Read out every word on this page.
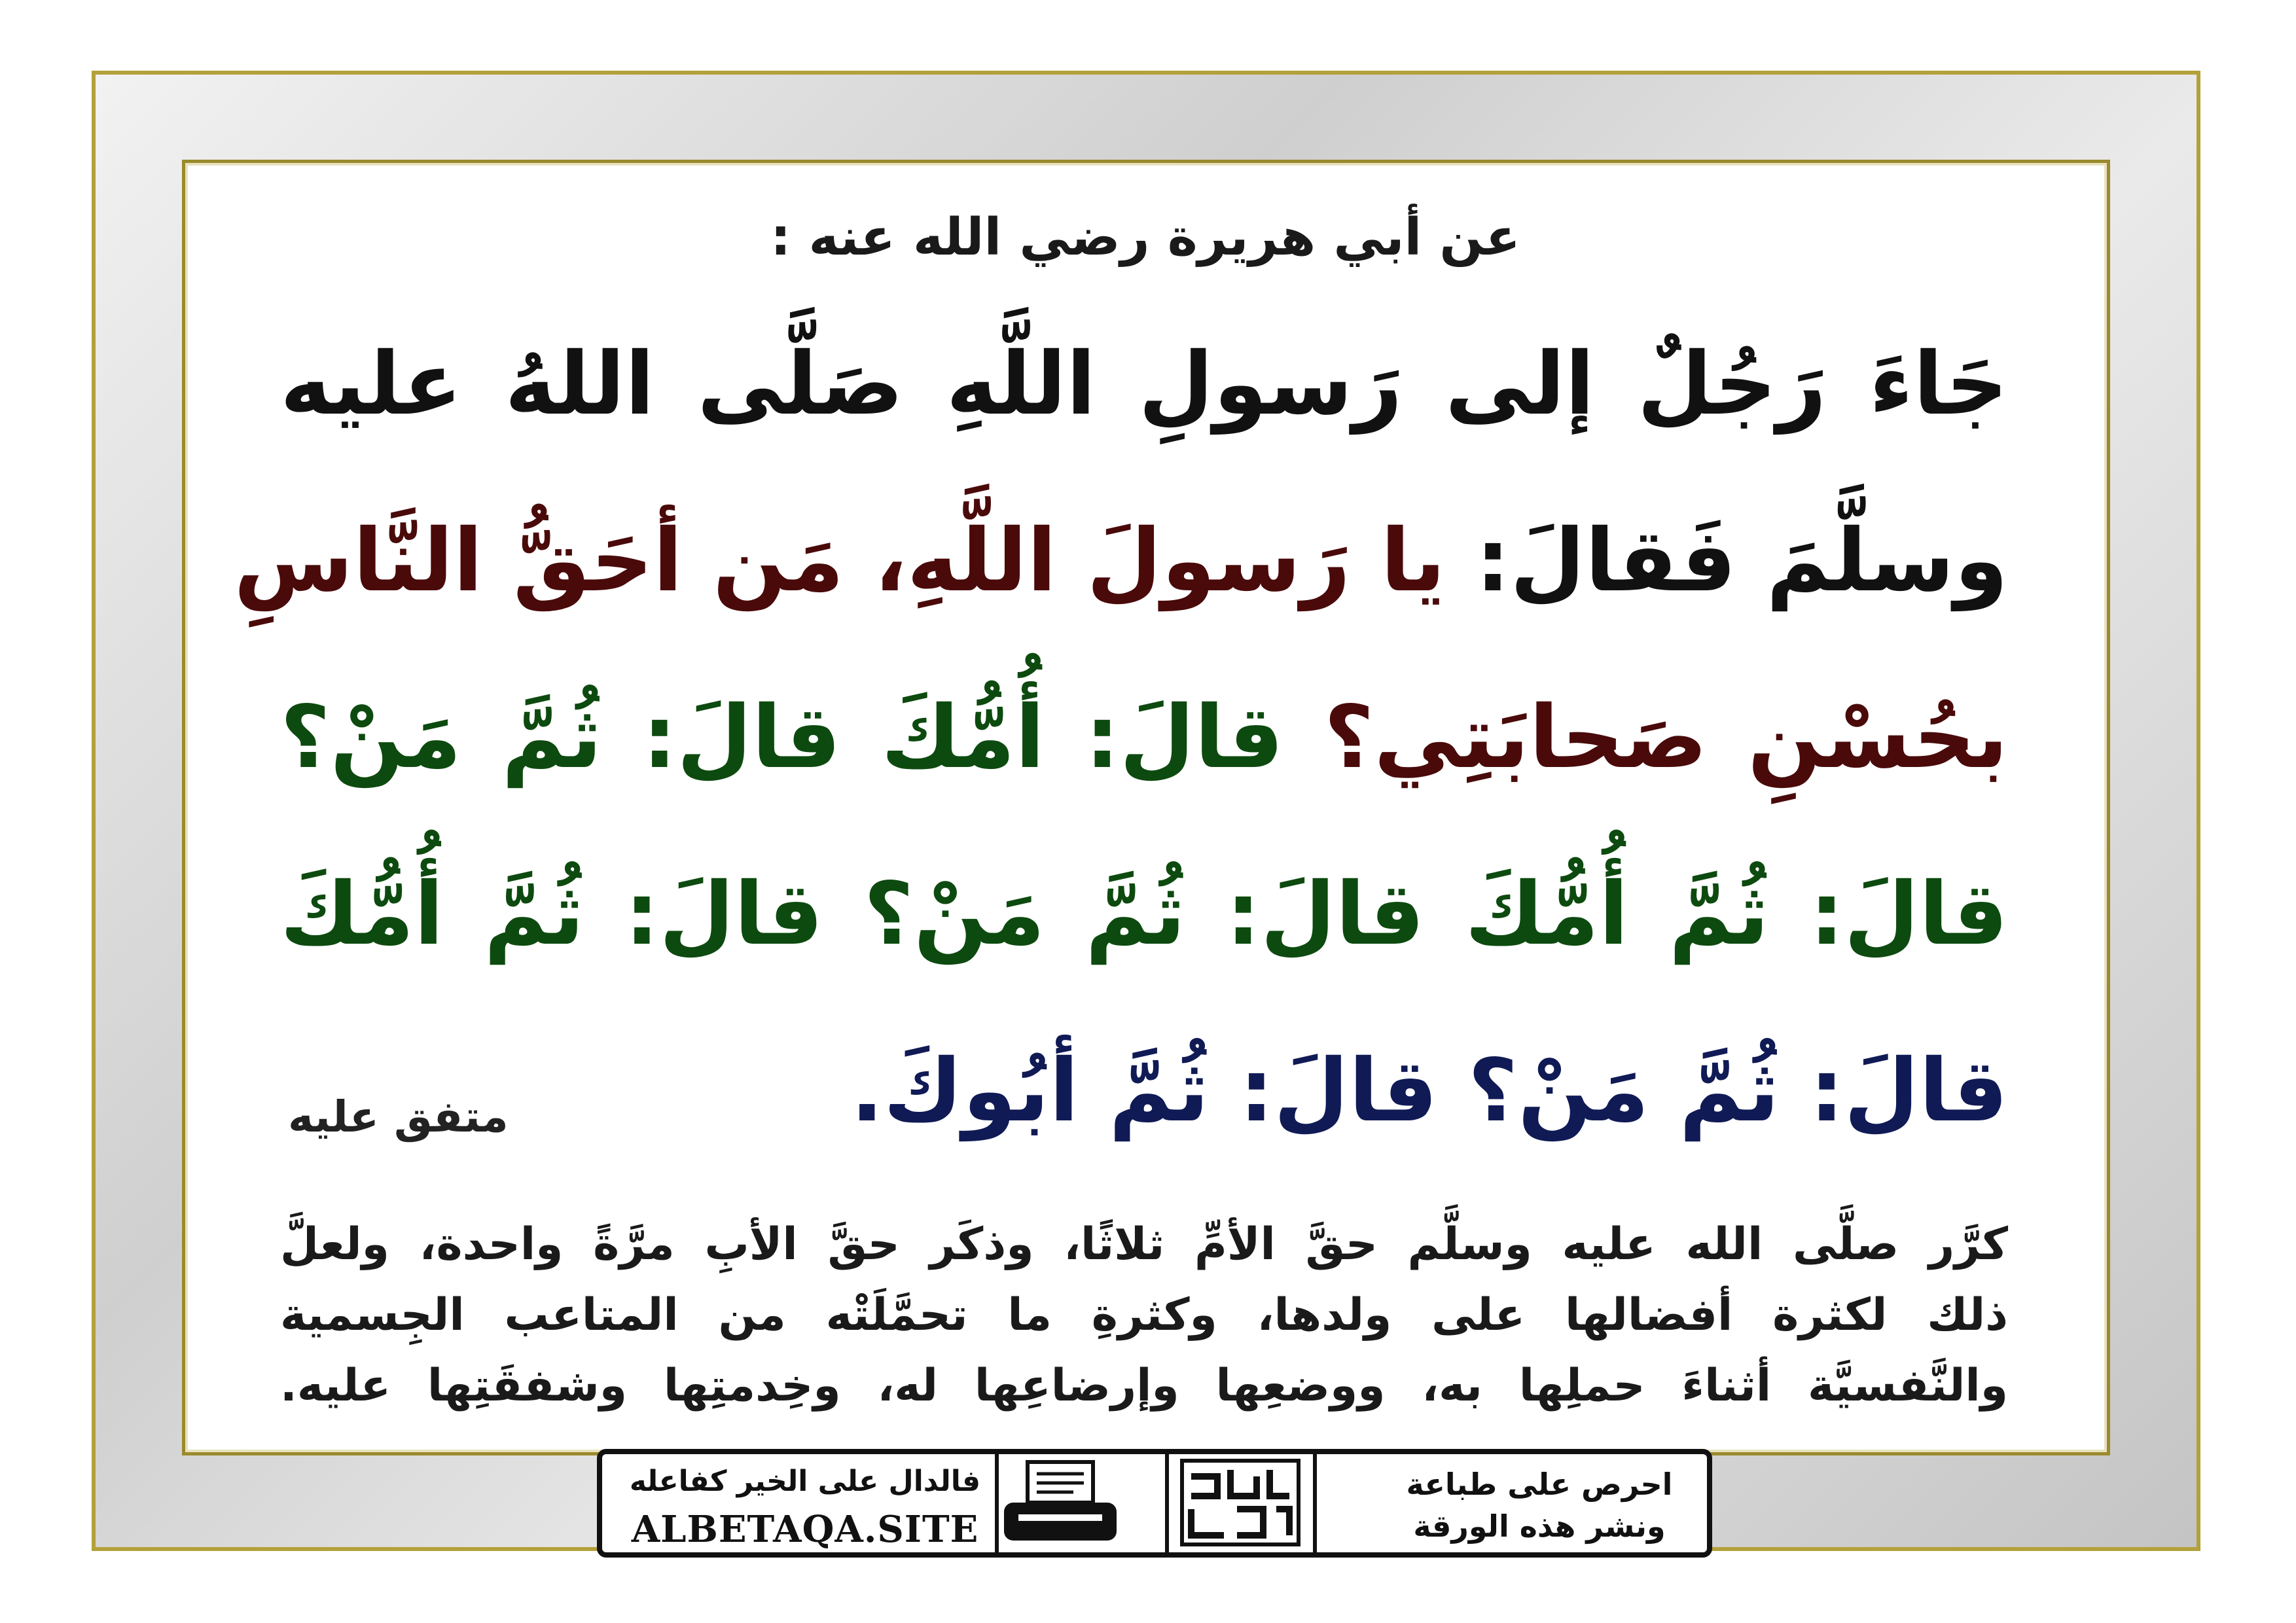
عن أبي هريرة رضي الله عنه :
جَاءَ رَجُلٌ إلى رَسولِ اللَّهِ صَلَّى اللهُ عليه
وسلَّمَ فَقالَ: يا رَسولَ اللَّهِ، مَن أحَقُّ النَّاسِ
بحُسْنِ صَحابَتِي؟ قالَ: أُمُّكَ قالَ: ثُمَّ مَنْ؟
قالَ: ثُمَّ أُمُّكَ قالَ: ثُمَّ مَنْ؟ قالَ: ثُمَّ أُمُّكَ
قالَ: ثُمَّ مَنْ؟ قالَ: ثُمَّ أبُوكَ.
متفق عليه
كرَّر صلَّى الله عليه وسلَّم حقَّ الأمِّ ثلاثًا، وذكَر حقَّ الأبِ مرَّةً واحدة، ولعلَّ
ذلك لكثرة أفضالها على ولدها، وكثرةِ ما تحمَّلَتْه من المتاعب الجِسمية
والنَّفسيَّة أثناءَ حملِها به، ووضعِها وإرضاعِها له، وخِدمتِها وشفقَتِها عليه.
فالدال على الخير كفاعله
ALBETAQA.SITE
احرص على طباعة
ونشر هذه الورقة
